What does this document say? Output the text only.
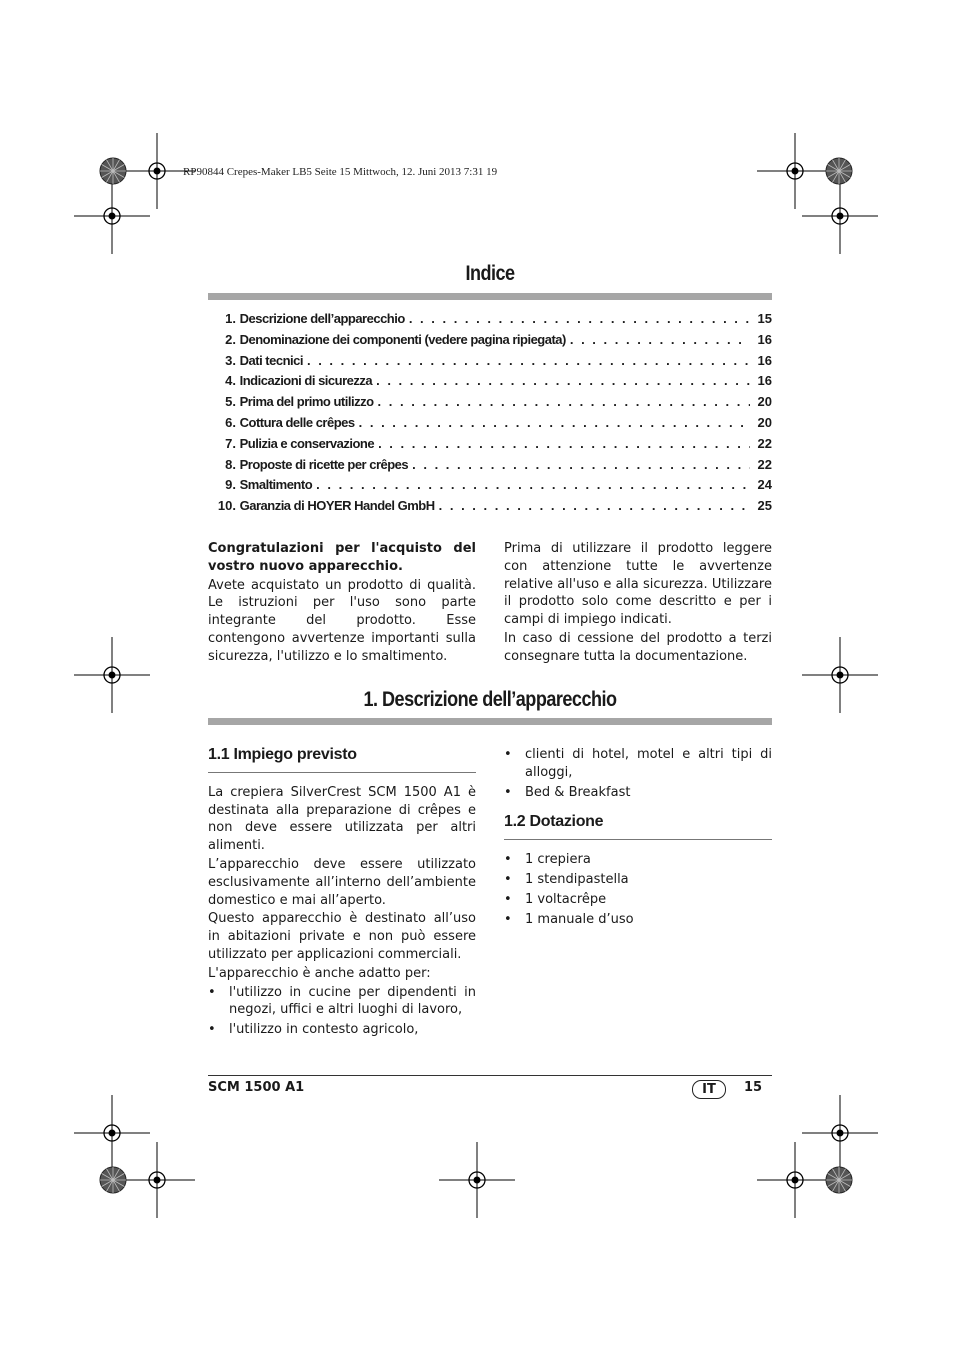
RP90844 Crepes-Maker LB5 Seite 15 Mittwoch, 12. Juni 2013 7:31 19
Indice
1.
Descrizione dell’apparecchio . . .	15
2.
Denominazione dei componenti (vedere pagina ripiegata) . . .	16
3.
Dati tecnici . . .	16
4.
Indicazioni di sicurezza . . .	16
5.
Prima del primo utilizzo . . .	20
6.
Cottura delle crêpes . . .	20
7.
Pulizia e conservazione . . .	22
8.
Proposte di ricette per crêpes . . .	22
9.
Smaltimento . . .	24
10.
Garanzia di HOYER Handel GmbH . . .	25

Congratulazioni per l'acquisto del vostro nuovo apparecchio.

Avete acquistato un prodotto di qualità. Le istruzioni per l'uso sono parte integrante del prodotto. Esse contengono avvertenze importanti sulla sicurezza, l'utilizzo e lo smaltimento.

Prima di utilizzare il prodotto leggere con attenzione tutte le avvertenze relative all'uso e alla sicurezza. Utilizzare il prodotto solo come descritto e per i campi di impiego indicati.

In caso di cessione del prodotto a terzi consegnare tutta la documentazione.

1. Descrizione dell’apparecchio
1.1 Impiego previsto

La crepiera SilverCrest SCM 1500 A1 è destinata alla preparazione di crêpes e non deve essere utilizzata per altri alimenti.

L’apparecchio deve essere utilizzato esclusivamente all’interno dell’ambiente domestico e mai all’aperto.

Questo apparecchio è destinato all’uso in abitazioni private e non può essere utilizzato per applicazioni commerciali.

L'apparecchio è anche adatto per:

• l'utilizzo in cucine per dipendenti in negozi, uffici e altri luoghi di lavoro,
• l'utilizzo in contesto agricolo,
• clienti di hotel, motel e altri tipi di alloggi,
• Bed & Breakfast
1.2 Dotazione
• 1 crepiera
• 1 stendipastella
• 1 voltacrêpe
• 1 manuale d’uso
SCM 1500 A1	IT	15
